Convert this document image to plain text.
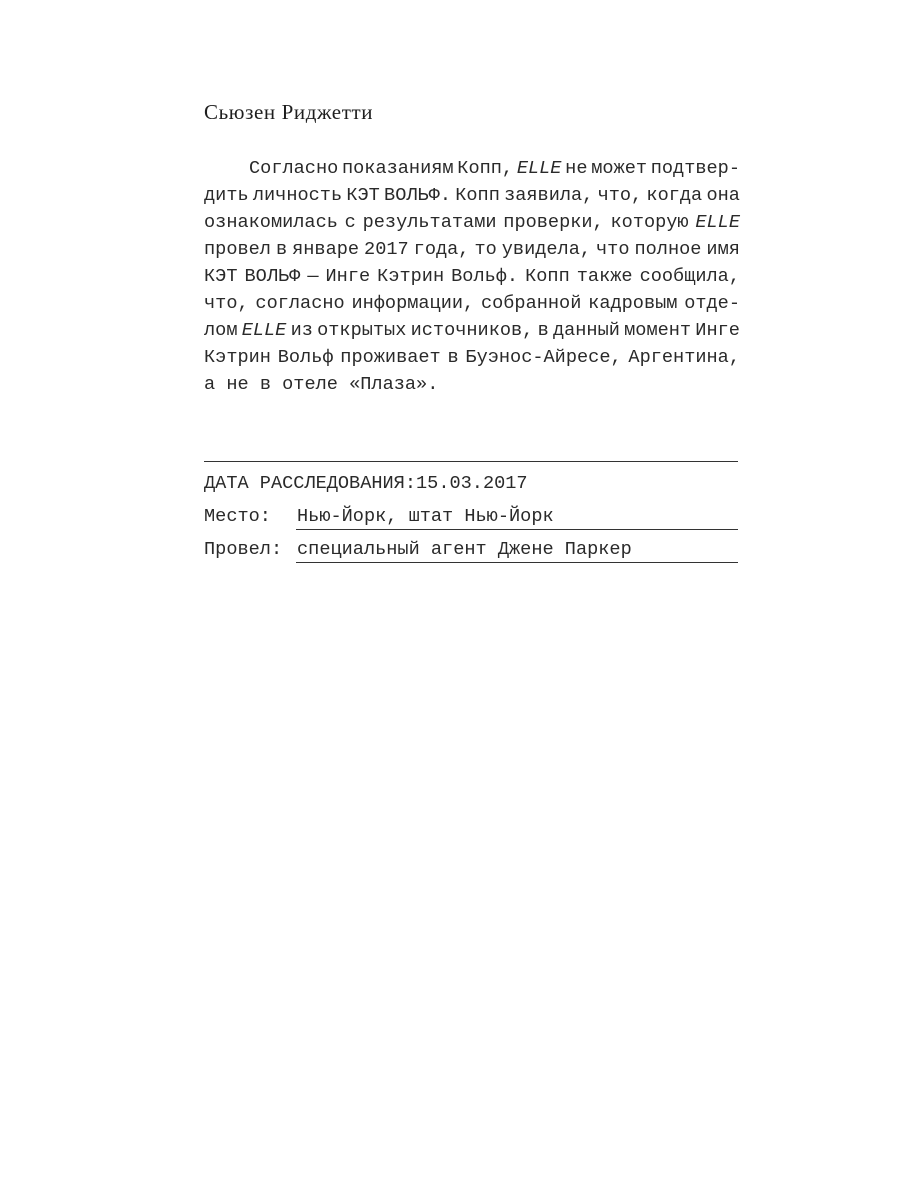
Сьюзен Риджетти
Согласно показаниям Копп, ELLE не может подтвер-
дить личность КЭТ ВОЛЬФ. Копп заявила, что, когда она
ознакомилась с результатами проверки, которую ELLE
провел в январе 2017 года, то увидела, что полное имя
КЭТ ВОЛЬФ — Инге Кэтрин Вольф. Копп также сообщила,
что, согласно информации, собранной кадровым отде-
лом ELLE из открытых источников, в данный момент Инге
Кэтрин Вольф проживает в Буэнос-Айресе, Аргентина,
а не в отеле «Плаза».
ДАТА РАССЛЕДОВАНИЯ: 15.03.2017
Место: Нью-Йорк, штат Нью-Йорк
Провел: специальный агент Джене Паркер
